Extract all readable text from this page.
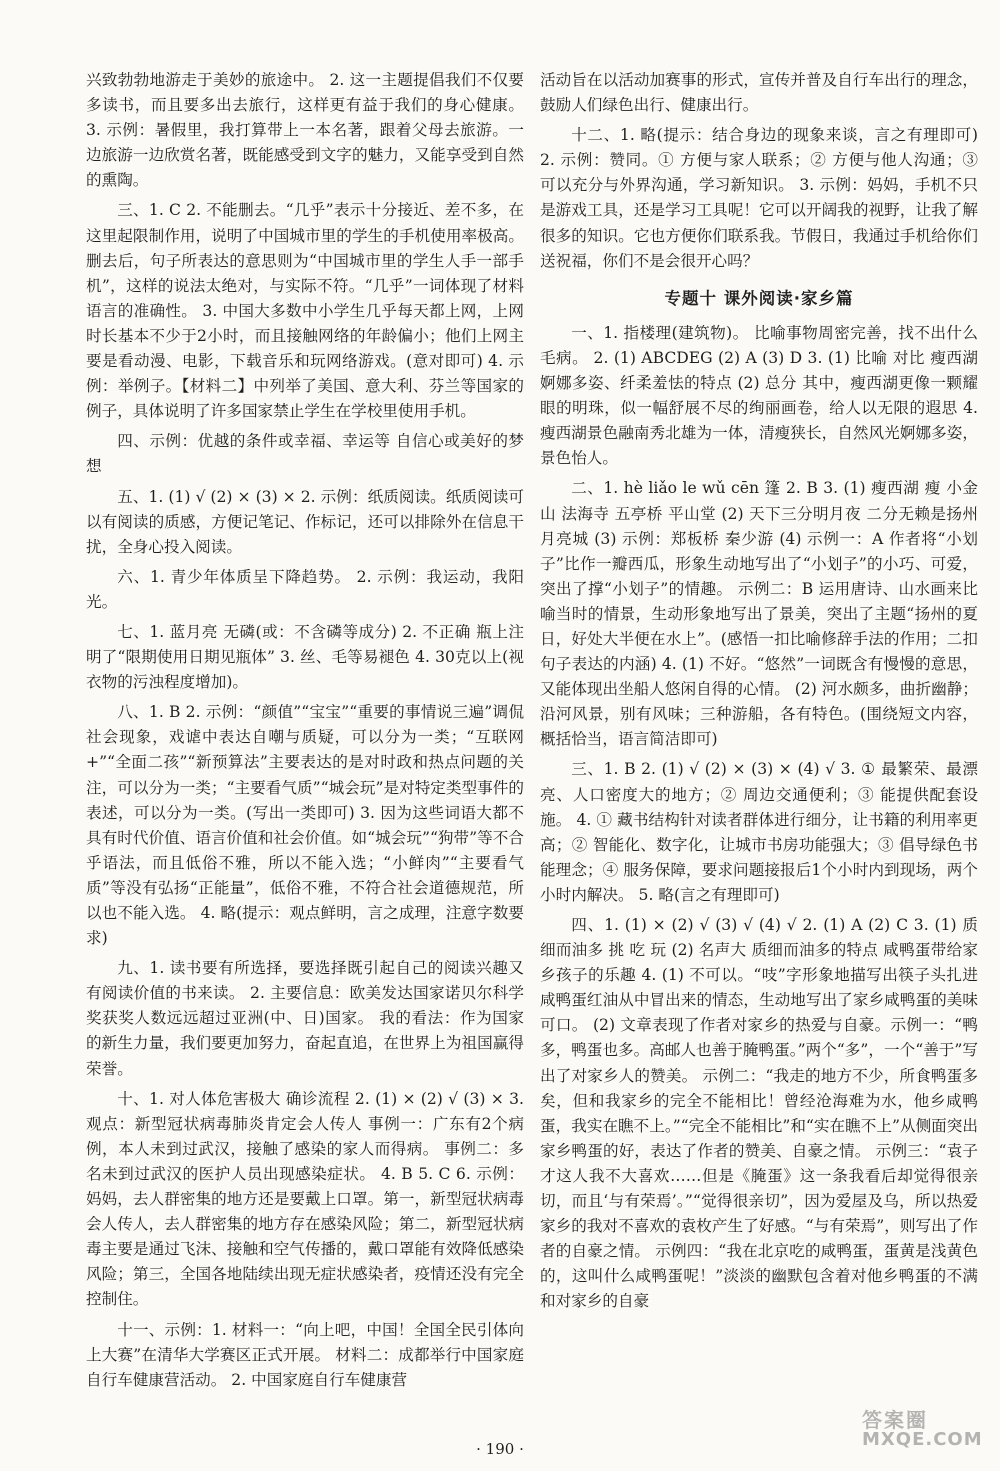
兴致勃勃地游走于美妙的旅途中。 2. 这一主题提倡我们不仅要多读书，而且要多出去旅行，这样更有益于我们的身心健康。 3. 示例：暑假里，我打算带上一本名著，跟着父母去旅游。一边旅游一边欣赏名著，既能感受到文字的魅力，又能享受到自然的熏陶。

三、1. C 2. 不能删去。“几乎”表示十分接近、差不多，在这里起限制作用，说明了中国城市里的学生的手机使用率极高。删去后，句子所表达的意思则为“中国城市里的学生人手一部手机”，这样的说法太绝对，与实际不符。“几乎”一词体现了材料语言的准确性。 3. 中国大多数中小学生几乎每天都上网，上网时长基本不少于2小时，而且接触网络的年龄偏小；他们上网主要是看动漫、电影，下载音乐和玩网络游戏。(意对即可) 4. 示例：举例子。【材料二】中列举了美国、意大利、芬兰等国家的例子，具体说明了许多国家禁止学生在学校里使用手机。

四、示例：优越的条件或幸福、幸运等 自信心或美好的梦想

五、1. (1) √ (2) × (3) × 2. 示例：纸质阅读。纸质阅读可以有阅读的质感，方便记笔记、作标记，还可以排除外在信息干扰，全身心投入阅读。

六、1. 青少年体质呈下降趋势。 2. 示例：我运动，我阳光。

七、1. 蓝月亮 无磷(或：不含磷等成分) 2. 不正确 瓶上注明了“限期使用日期见瓶体” 3. 丝、毛等易褪色 4. 30克以上(视衣物的污浊程度增加)。

八、1. B 2. 示例：“颜值”“宝宝”“重要的事情说三遍”调侃社会现象，戏谑中表达自嘲与质疑，可以分为一类；“互联网+”“全面二孩”“新预算法”主要表达的是对时政和热点问题的关注，可以分为一类；“主要看气质”“城会玩”是对特定类型事件的表述，可以分为一类。(写出一类即可) 3. 因为这些词语大都不具有时代价值、语言价值和社会价值。如“城会玩”“狗带”等不合乎语法，而且低俗不雅，所以不能入选；“小鲜肉”“主要看气质”等没有弘扬“正能量”，低俗不雅，不符合社会道德规范，所以也不能入选。 4. 略(提示：观点鲜明，言之成理，注意字数要求)

九、1. 读书要有所选择，要选择既引起自己的阅读兴趣又有阅读价值的书来读。 2. 主要信息：欧美发达国家诺贝尔科学奖获奖人数远远超过亚洲(中、日)国家。 我的看法：作为国家的新生力量，我们要更加努力，奋起直追，在世界上为祖国赢得荣誉。

十、1. 对人体危害极大 确诊流程 2. (1) × (2) √ (3) × 3. 观点：新型冠状病毒肺炎肯定会人传人 事例一：广东有2个病例，本人未到过武汉，接触了感染的家人而得病。 事例二：多名未到过武汉的医护人员出现感染症状。 4. B 5. C 6. 示例：妈妈，去人群密集的地方还是要戴上口罩。第一，新型冠状病毒会人传人，去人群密集的地方存在感染风险；第二，新型冠状病毒主要是通过飞沫、接触和空气传播的，戴口罩能有效降低感染风险；第三，全国各地陆续出现无症状感染者，疫情还没有完全控制住。

十一、示例：1. 材料一：“向上吧，中国！全国全民引体向上大赛”在清华大学赛区正式开展。 材料二：成都举行中国家庭自行车健康营活动。 2. 中国家庭自行车健康营

活动旨在以活动加赛事的形式，宣传并普及自行车出行的理念，鼓励人们绿色出行、健康出行。

十二、1. 略(提示：结合身边的现象来谈，言之有理即可) 2. 示例：赞同。① 方便与家人联系；② 方便与他人沟通；③ 可以充分与外界沟通，学习新知识。 3. 示例：妈妈，手机不只是游戏工具，还是学习工具呢！它可以开阔我的视野，让我了解很多的知识。它也方便你们联系我。节假日，我通过手机给你们送祝福，你们不是会很开心吗？

专题十 课外阅读·家乡篇

一、1. 指楼理(建筑物)。 比喻事物周密完善，找不出什么毛病。 2. (1) ABCDEG (2) A (3) D 3. (1) 比喻 对比 瘦西湖婀娜多姿、纤柔羞怯的特点 (2) 总分 其中，瘦西湖更像一颗耀眼的明珠，似一幅舒展不尽的绚丽画卷，给人以无限的遐思 4. 瘦西湖景色融南秀北雄为一体，清瘦狭长，自然风光婀娜多姿，景色怡人。

二、1. hè liǎo le wǔ cēn 篷 2. B 3. (1) 瘦西湖 瘦 小金山 法海寺 五亭桥 平山堂 (2) 天下三分明月夜 二分无赖是扬州 月亮城 (3) 示例：郑板桥 秦少游 (4) 示例一：A 作者将“小划子”比作一瓣西瓜，形象生动地写出了“小划子”的小巧、可爱，突出了撑“小划子”的情趣。 示例二：B 运用唐诗、山水画来比喻当时的情景，生动形象地写出了景美，突出了主题“扬州的夏日，好处大半便在水上”。(感悟一扣比喻修辞手法的作用；二扣句子表达的内涵) 4. (1) 不好。“悠然”一词既含有慢慢的意思，又能体现出坐船人悠闲自得的心情。 (2) 河水颇多，曲折幽静；沿河风景，别有风味；三种游船，各有特色。(围绕短文内容，概括恰当，语言简洁即可)

三、1. B 2. (1) √ (2) × (3) × (4) √ 3. ① 最繁荣、最漂亮、人口密度大的地方；② 周边交通便利；③ 能提供配套设施。 4. ① 藏书结构针对读者群体进行细分，让书籍的利用率更高；② 智能化、数字化，让城市书房功能强大；③ 倡导绿色书能理念；④ 服务保障，要求问题接报后1个小时内到现场，两个小时内解决。 5. 略(言之有理即可)

四、1. (1) × (2) √ (3) √ (4) √ 2. (1) A (2) C 3. (1) 质细而油多 挑 吃 玩 (2) 名声大 质细而油多的特点 咸鸭蛋带给家乡孩子的乐趣 4. (1) 不可以。“吱”字形象地描写出筷子头扎进咸鸭蛋红油从中冒出来的情态，生动地写出了家乡咸鸭蛋的美味可口。 (2) 文章表现了作者对家乡的热爱与自豪。示例一：“鸭多，鸭蛋也多。高邮人也善于腌鸭蛋。”两个“多”，一个“善于”写出了对家乡人的赞美。 示例二：“我走的地方不少，所食鸭蛋多矣，但和我家乡的完全不能相比！曾经沧海难为水，他乡咸鸭蛋，我实在瞧不上。”“完全不能相比”和“实在瞧不上”从侧面突出家乡鸭蛋的好，表达了作者的赞美、自豪之情。 示例三：“袁子才这人我不大喜欢……但是《腌蛋》这一条我看后却觉得很亲切，而且‘与有荣焉’。”“觉得很亲切”，因为爱屋及乌，所以热爱家乡的我对不喜欢的袁枚产生了好感。“与有荣焉”，则写出了作者的自豪之情。 示例四：“我在北京吃的咸鸭蛋，蛋黄是浅黄色的，这叫什么咸鸭蛋呢！”淡淡的幽默包含着对他乡鸭蛋的不满和对家乡的自豪

· 190 ·
答案圈
MXQE.COM
